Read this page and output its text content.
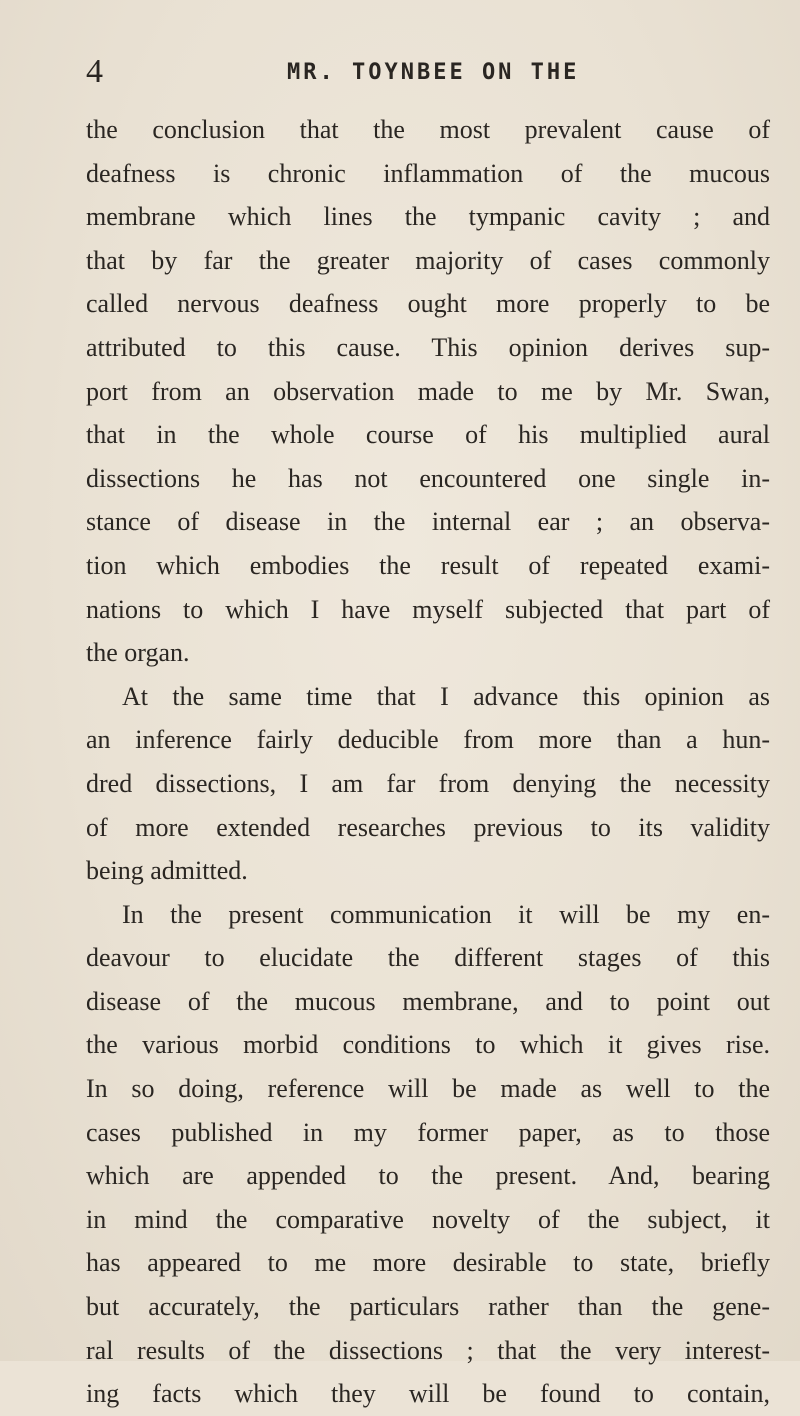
4	MR. TOYNBEE ON THE
the conclusion that the most prevalent cause of
deafness is chronic inflammation of the mucous
membrane which lines the tympanic cavity ; and
that by far the greater majority of cases commonly
called nervous deafness ought more properly to be
attributed to this cause. This opinion derives sup-
port from an observation made to me by Mr. Swan,
that in the whole course of his multiplied aural
dissections he has not encountered one single in-
stance of disease in the internal ear ; an observa-
tion which embodies the result of repeated exami-
nations to which I have myself subjected that part of
the organ.
At the same time that I advance this opinion as
an inference fairly deducible from more than a hun-
dred dissections, I am far from denying the necessity
of more extended researches previous to its validity
being admitted.
In the present communication it will be my en-
deavour to elucidate the different stages of this
disease of the mucous membrane, and to point out
the various morbid conditions to which it gives rise.
In so doing, reference will be made as well to the
cases published in my former paper, as to those
which are appended to the present. And, bearing
in mind the comparative novelty of the subject, it
has appeared to me more desirable to state, briefly
but accurately, the particulars rather than the gene-
ral results of the dissections ; that the very interest-
ing facts which they will be found to contain,
